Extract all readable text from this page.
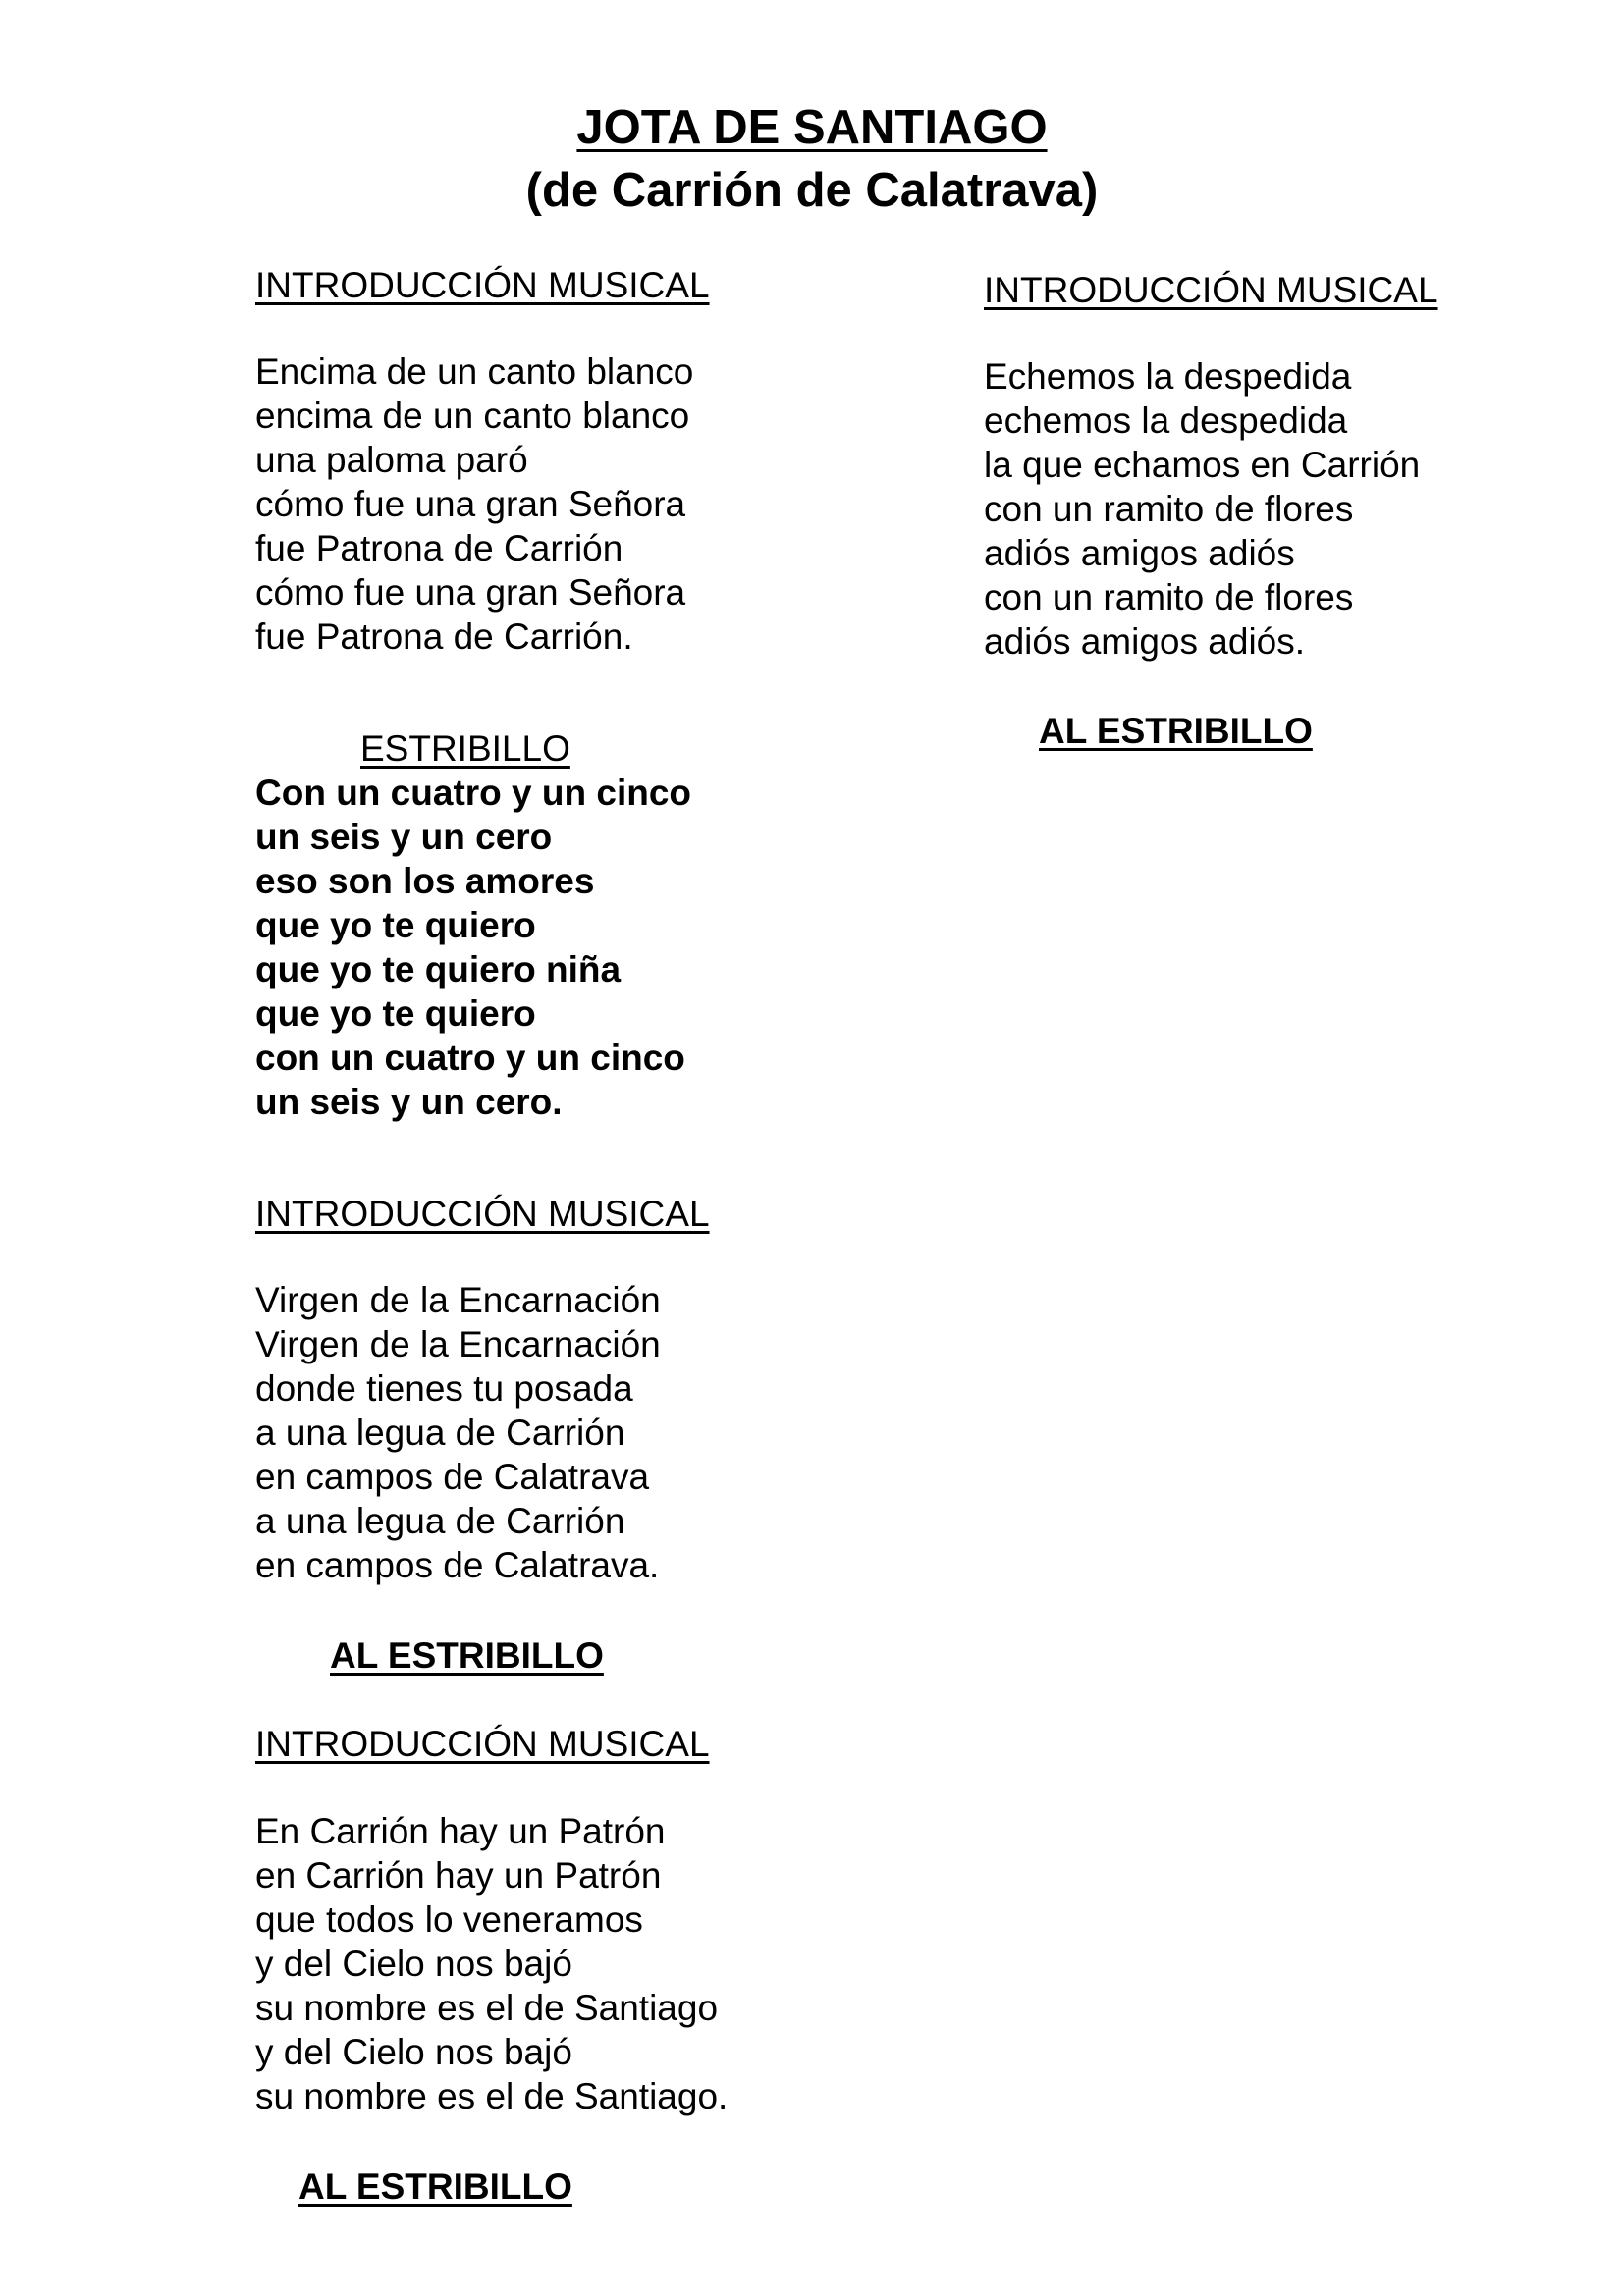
JOTA DE SANTIAGO
(de Carrión de Calatrava)
INTRODUCCIÓN MUSICAL
Encima de un canto blanco
encima de un canto blanco
una paloma paró
cómo fue una gran Señora
fue Patrona de Carrión
cómo fue una gran Señora
fue Patrona de Carrión.
ESTRIBILLO
Con un cuatro y un cinco
un seis y un cero
eso son los amores
que yo te quiero
que yo te quiero niña
que yo te quiero
con un cuatro y un cinco
un seis y un cero.
INTRODUCCIÓN MUSICAL
Virgen de la Encarnación
Virgen de la Encarnación
donde tienes tu posada
a una legua de Carrión
en campos de Calatrava
a una legua de Carrión
en campos de Calatrava.
AL ESTRIBILLO
INTRODUCCIÓN MUSICAL
En Carrión hay un Patrón
en Carrión hay un Patrón
que todos lo veneramos
y del Cielo nos bajó
su nombre es el de Santiago
y del Cielo nos bajó
su nombre es el de Santiago.
AL ESTRIBILLO
INTRODUCCIÓN MUSICAL
Echemos la despedida
echemos la despedida
la que echamos en Carrión
con un ramito de flores
adiós amigos adiós
con un ramito de flores
adiós amigos adiós.
AL ESTRIBILLO
